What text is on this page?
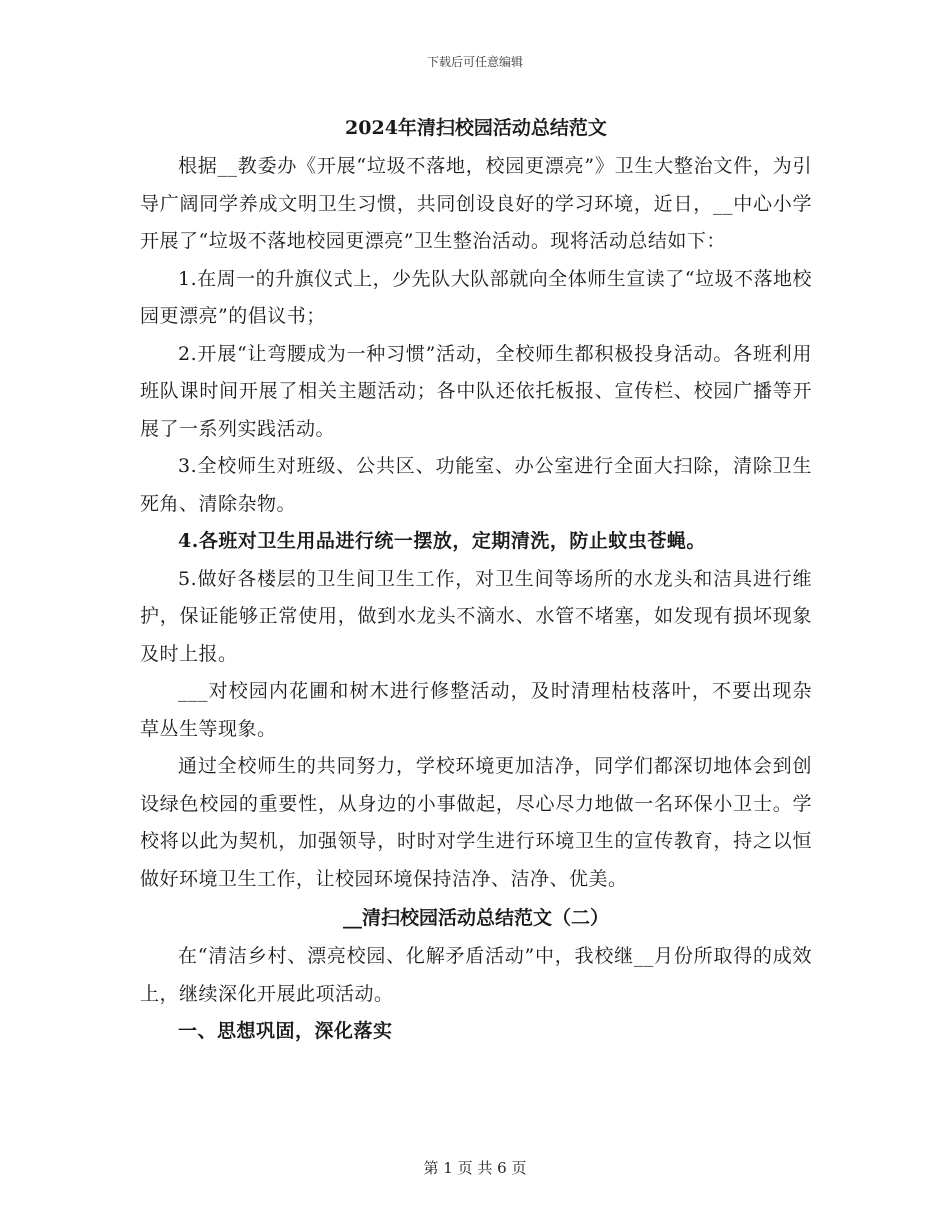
下载后可任意编辑
2024年清扫校园活动总结范文

根据__教委办《开展“垃圾不落地，校园更漂亮”》卫生大整治文件，为引导广阔同学养成文明卫生习惯，共同创设良好的学习环境，近日，__中心小学开展了“垃圾不落地校园更漂亮”卫生整治活动。现将活动总结如下：

1.在周一的升旗仪式上，少先队大队部就向全体师生宣读了“垃圾不落地校园更漂亮”的倡议书；

2.开展“让弯腰成为一种习惯”活动，全校师生都积极投身活动。各班利用班队课时间开展了相关主题活动；各中队还依托板报、宣传栏、校园广播等开展了一系列实践活动。

3.全校师生对班级、公共区、功能室、办公室进行全面大扫除，清除卫生死角、清除杂物。

4.各班对卫生用品进行统一摆放，定期清洗，防止蚊虫苍蝇。

5.做好各楼层的卫生间卫生工作，对卫生间等场所的水龙头和洁具进行维护，保证能够正常使用，做到水龙头不滴水、水管不堵塞，如发现有损坏现象及时上报。

___对校园内花圃和树木进行修整活动，及时清理枯枝落叶，不要出现杂草丛生等现象。

通过全校师生的共同努力，学校环境更加洁净，同学们都深切地体会到创设绿色校园的重要性，从身边的小事做起，尽心尽力地做一名环保小卫士。学校将以此为契机，加强领导，时时对学生进行环境卫生的宣传教育，持之以恒做好环境卫生工作，让校园环境保持洁净、洁净、优美。

__清扫校园活动总结范文（二）

在“清洁乡村、漂亮校园、化解矛盾活动”中，我校继__月份所取得的成效上，继续深化开展此项活动。

一、思想巩固，深化落实

第 1 页 共 6 页
